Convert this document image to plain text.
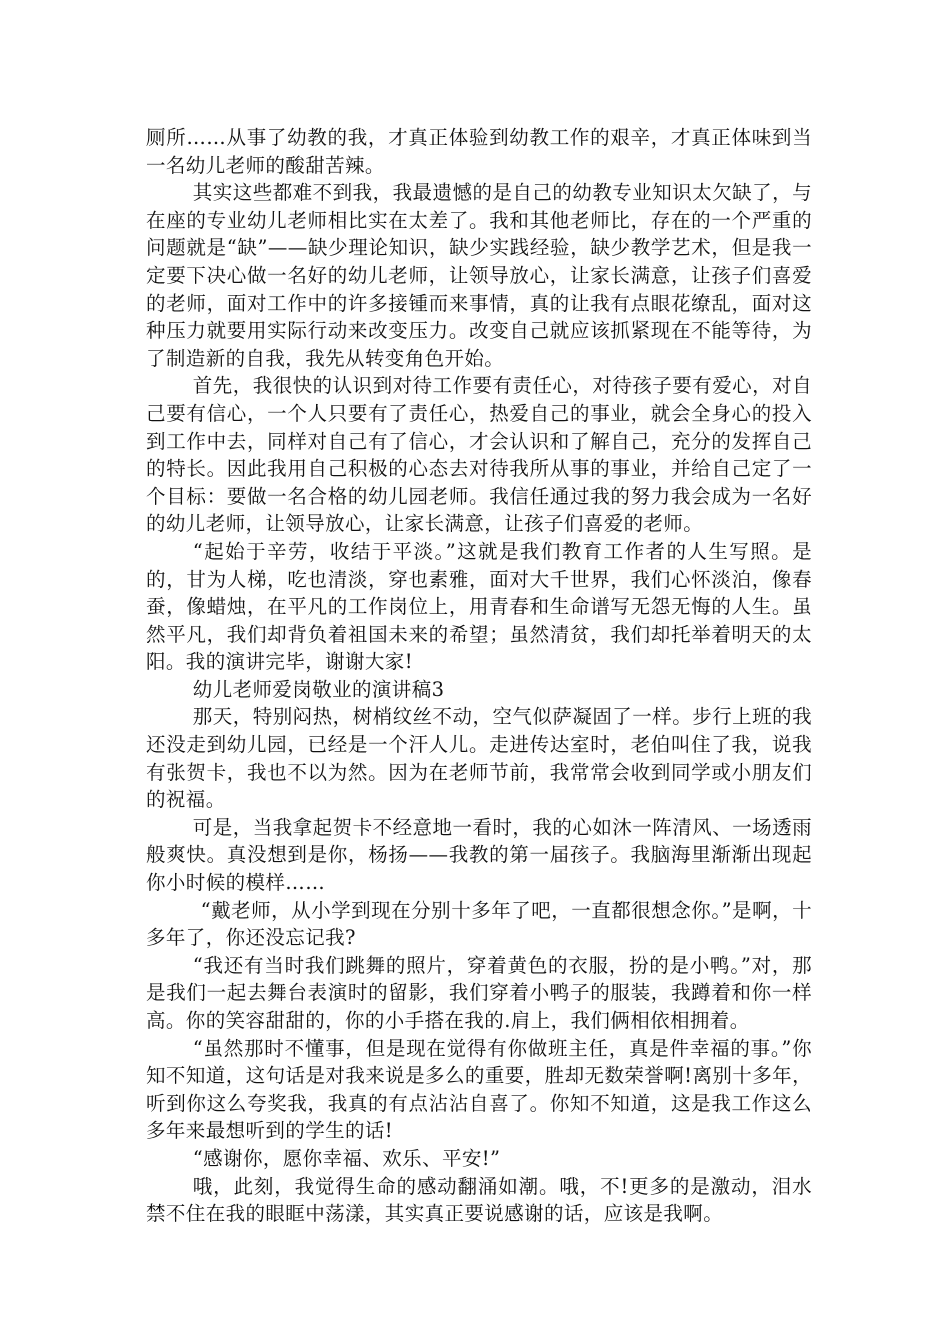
厕所……从事了幼教的我，才真正体验到幼教工作的艰辛，才真正体味到当一名幼儿老师的酸甜苦辣。

其实这些都难不到我，我最遗憾的是自己的幼教专业知识太欠缺了，与在座的专业幼儿老师相比实在太差了。我和其他老师比，存在的一个严重的问题就是“缺”——缺少理论知识，缺少实践经验，缺少教学艺术，但是我一定要下决心做一名好的幼儿老师，让领导放心，让家长满意，让孩子们喜爱的老师，面对工作中的许多接锺而来事情，真的让我有点眼花缭乱，面对这种压力就要用实际行动来改变压力。改变自己就应该抓紧现在不能等待，为了制造新的自我，我先从转变角色开始。

首先，我很快的认识到对待工作要有责任心，对待孩子要有爱心，对自己要有信心，一个人只要有了责任心，热爱自己的事业，就会全身心的投入到工作中去，同样对自己有了信心，才会认识和了解自己，充分的发挥自己的特长。因此我用自己积极的心态去对待我所从事的事业，并给自己定了一个目标：要做一名合格的幼儿园老师。我信任通过我的努力我会成为一名好的幼儿老师，让领导放心，让家长满意，让孩子们喜爱的老师。

“起始于辛劳，收结于平淡。”这就是我们教育工作者的人生写照。是的，甘为人梯，吃也清淡，穿也素雅，面对大千世界，我们心怀淡泊，像春蚕，像蜡烛，在平凡的工作岗位上，用青春和生命谱写无怨无悔的人生。虽然平凡，我们却背负着祖国未来的希望；虽然清贫，我们却托举着明天的太阳。我的演讲完毕，谢谢大家!

幼儿老师爱岗敬业的演讲稿3

那天，特别闷热，树梢纹丝不动，空气似萨凝固了一样。步行上班的我还没走到幼儿园，已经是一个汗人儿。走进传达室时，老伯叫住了我，说我有张贺卡，我也不以为然。因为在老师节前，我常常会收到同学或小朋友们的祝福。

可是，当我拿起贺卡不经意地一看时，我的心如沐一阵清风、一场透雨般爽快。真没想到是你，杨扬——我教的第一届孩子。我脑海里渐渐出现起你小时候的模样……

“戴老师，从小学到现在分别十多年了吧，一直都很想念你。”是啊，十多年了，你还没忘记我?

“我还有当时我们跳舞的照片，穿着黄色的衣服，扮的是小鸭。”对，那是我们一起去舞台表演时的留影，我们穿着小鸭子的服装，我蹲着和你一样高。你的笑容甜甜的，你的小手搭在我的.肩上，我们俩相依相拥着。

“虽然那时不懂事，但是现在觉得有你做班主任，真是件幸福的事。”你知不知道，这句话是对我来说是多么的重要，胜却无数荣誉啊!离别十多年，听到你这么夸奖我，我真的有点沾沾自喜了。你知不知道，这是我工作这么多年来最想听到的学生的话!

“感谢你，愿你幸福、欢乐、平安!”

哦，此刻，我觉得生命的感动翻涌如潮。哦，不!更多的是激动，泪水禁不住在我的眼眶中荡漾，其实真正要说感谢的话，应该是我啊。
